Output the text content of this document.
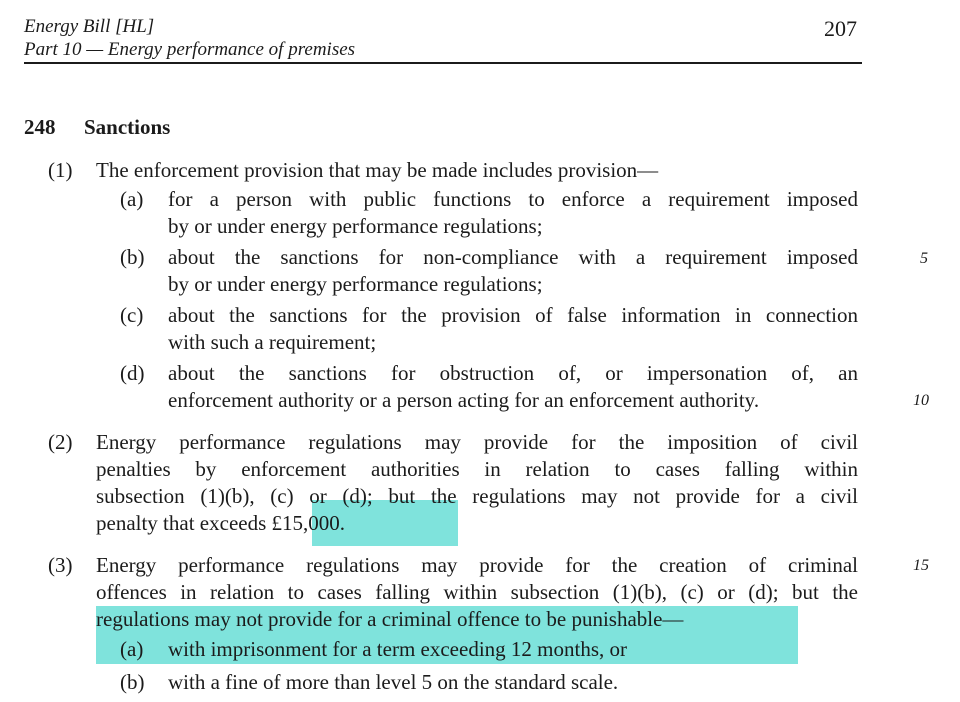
Energy Bill [HL]
Part 10 — Energy performance of premises
207
248 Sanctions
(1) The enforcement provision that may be made includes provision—
(a) for a person with public functions to enforce a requirement imposed
by or under energy performance regulations;
(b) about the sanctions for non-compliance with a requirement imposed
by or under energy performance regulations;
(c) about the sanctions for the provision of false information in connection
with such a requirement;
(d) about the sanctions for obstruction of, or impersonation of, an
enforcement authority or a person acting for an enforcement authority.
(2) Energy performance regulations may provide for the imposition of civil
penalties by enforcement authorities in relation to cases falling within
subsection (1)(b), (c) or (d); but the regulations may not provide for a civil
penalty that exceeds £15,000.
(3) Energy performance regulations may provide for the creation of criminal
offences in relation to cases falling within subsection (1)(b), (c) or (d); but the
regulations may not provide for a criminal offence to be punishable—
(a) with imprisonment for a term exceeding 12 months, or
(b) with a fine of more than level 5 on the standard scale.
5
10
15
